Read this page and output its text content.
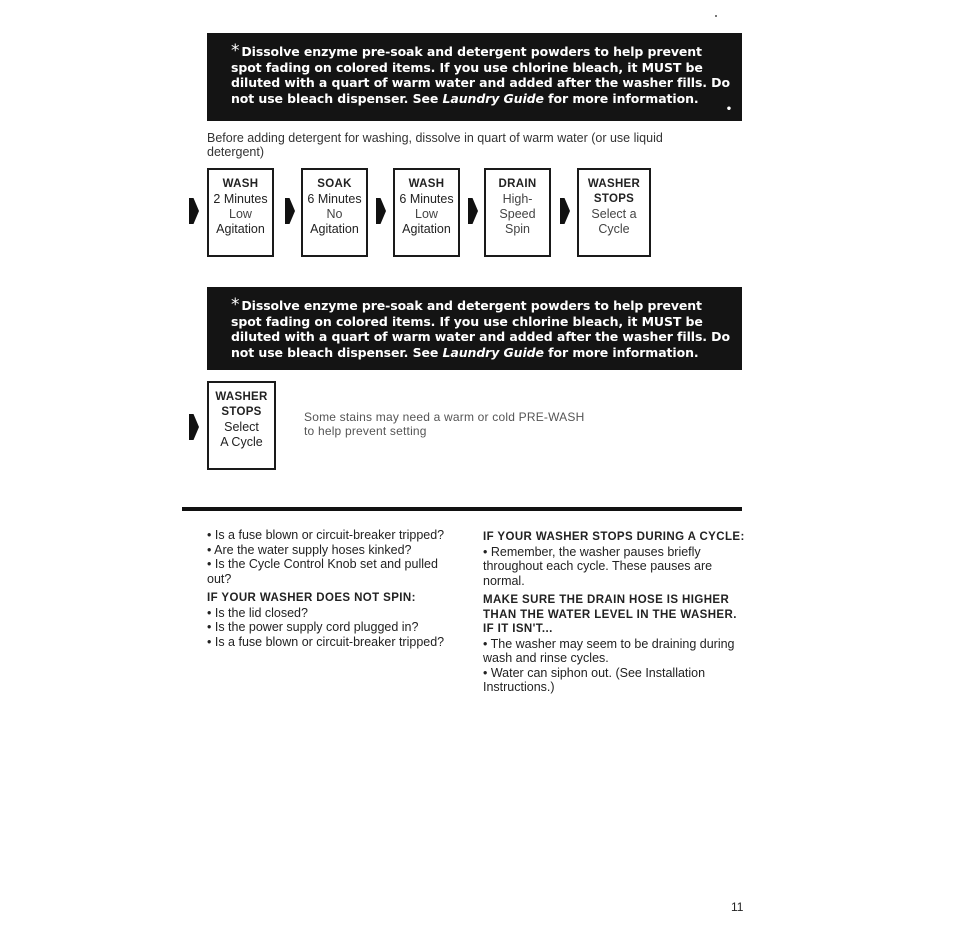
* Dissolve enzyme pre-soak and detergent powders to help prevent spot fading on colored items. If you use chlorine bleach, it MUST be diluted with a quart of warm water and added after the washer fills. Do not use bleach dispenser. See Laundry Guide for more information.
•
Before adding detergent for washing, dissolve in quart of warm water (or use liquid detergent)
WASH
2 Minutes
Low
Agitation
SOAK
6 Minutes
No
Agitation
WASH
6 Minutes
Low
Agitation
DRAIN
High-
Speed
Spin
WASHER
STOPS
Select a
Cycle
* Dissolve enzyme pre-soak and detergent powders to help prevent spot fading on colored items. If you use chlorine bleach, it MUST be diluted with a quart of warm water and added after the washer fills. Do not use bleach dispenser. See Laundry Guide for more information.
WASHER
STOPS
Select
A Cycle
Some stains may need a warm or cold PRE-WASH
to help prevent setting

• Is a fuse blown or circuit-breaker tripped?

• Are the water supply hoses kinked?

• Is the Cycle Control Knob set and pulled out?

IF YOUR WASHER DOES NOT SPIN:

• Is the lid closed?

• Is the power supply cord plugged in?

• Is a fuse blown or circuit-breaker tripped?

IF YOUR WASHER STOPS DURING A CYCLE:

• Remember, the washer pauses briefly throughout each cycle. These pauses are normal.

MAKE SURE THE DRAIN HOSE IS HIGHER THAN THE WATER LEVEL IN THE WASHER. IF IT ISN'T...

• The washer may seem to be draining during wash and rinse cycles.

• Water can siphon out. (See Installation Instructions.)

11
